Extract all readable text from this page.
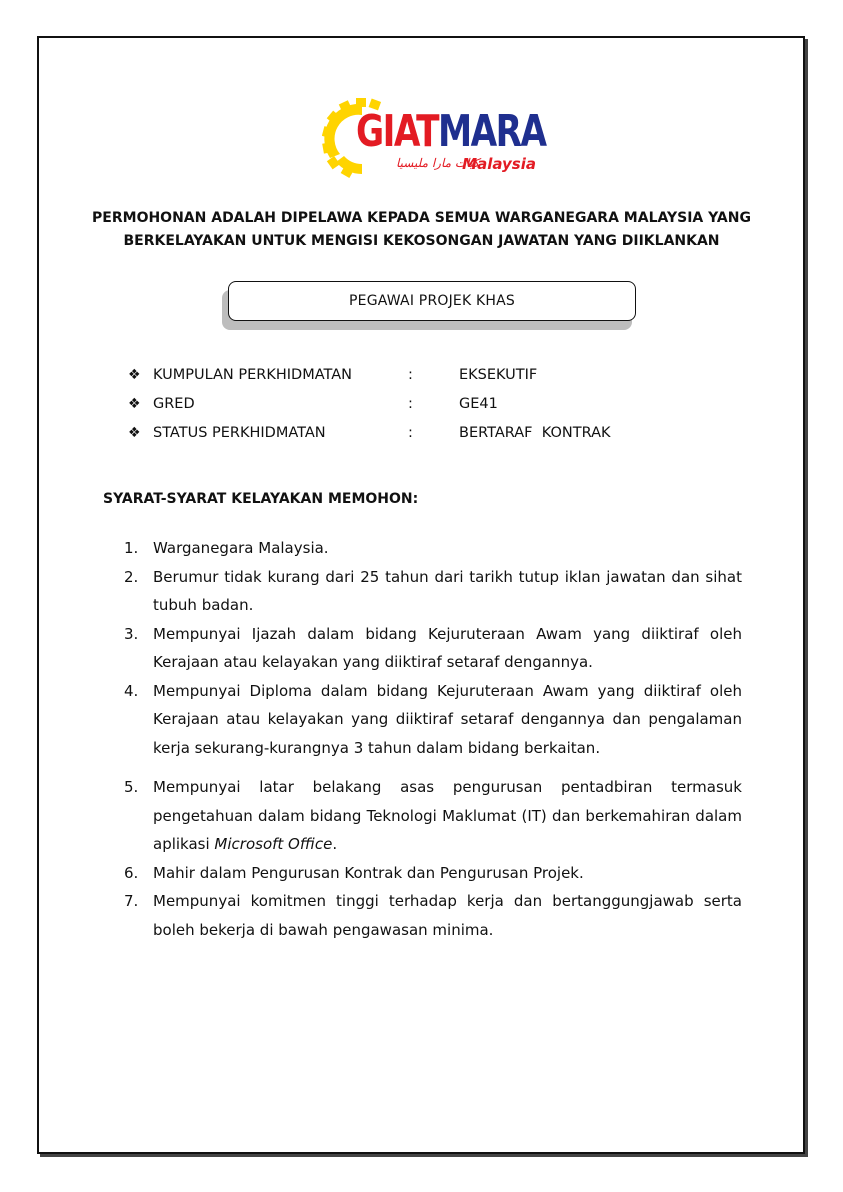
GIATMARA
كيات مارا مليسيا
Malaysia
PERMOHONAN ADALAH DIPELAWA KEPADA SEMUA WARGANEGARA MALAYSIA YANG
BERKELAYAKAN UNTUK MENGISI KEKOSONGAN JAWATAN YANG DIIKLANKAN
PEGAWAI PROJEK KHAS
❖ KUMPULAN PERKHIDMATAN	:	EKSEKUTIF
❖ GRED	:	GE41
❖ STATUS PERKHIDMATAN	:	BERTARAF  KONTRAK
SYARAT-SYARAT KELAYAKAN MEMOHON:
1. Warganegara Malaysia.
2. Berumur tidak kurang dari 25 tahun dari tarikh tutup iklan jawatan dan sihat tubuh badan.
3. Mempunyai Ijazah dalam bidang Kejuruteraan Awam yang diiktiraf oleh Kerajaan atau kelayakan yang diiktiraf setaraf dengannya.
4. Mempunyai Diploma dalam bidang Kejuruteraan Awam yang diiktiraf oleh Kerajaan atau kelayakan yang diiktiraf setaraf dengannya dan pengalaman kerja sekurang-kurangnya 3 tahun dalam bidang berkaitan.
5. Mempunyai latar belakang asas pengurusan pentadbiran termasuk pengetahuan dalam bidang Teknologi Maklumat (IT) dan berkemahiran dalam aplikasi Microsoft Office.
6. Mahir dalam Pengurusan Kontrak dan Pengurusan Projek.
7. Mempunyai komitmen tinggi terhadap kerja dan bertanggungjawab serta boleh bekerja di bawah pengawasan minima.
